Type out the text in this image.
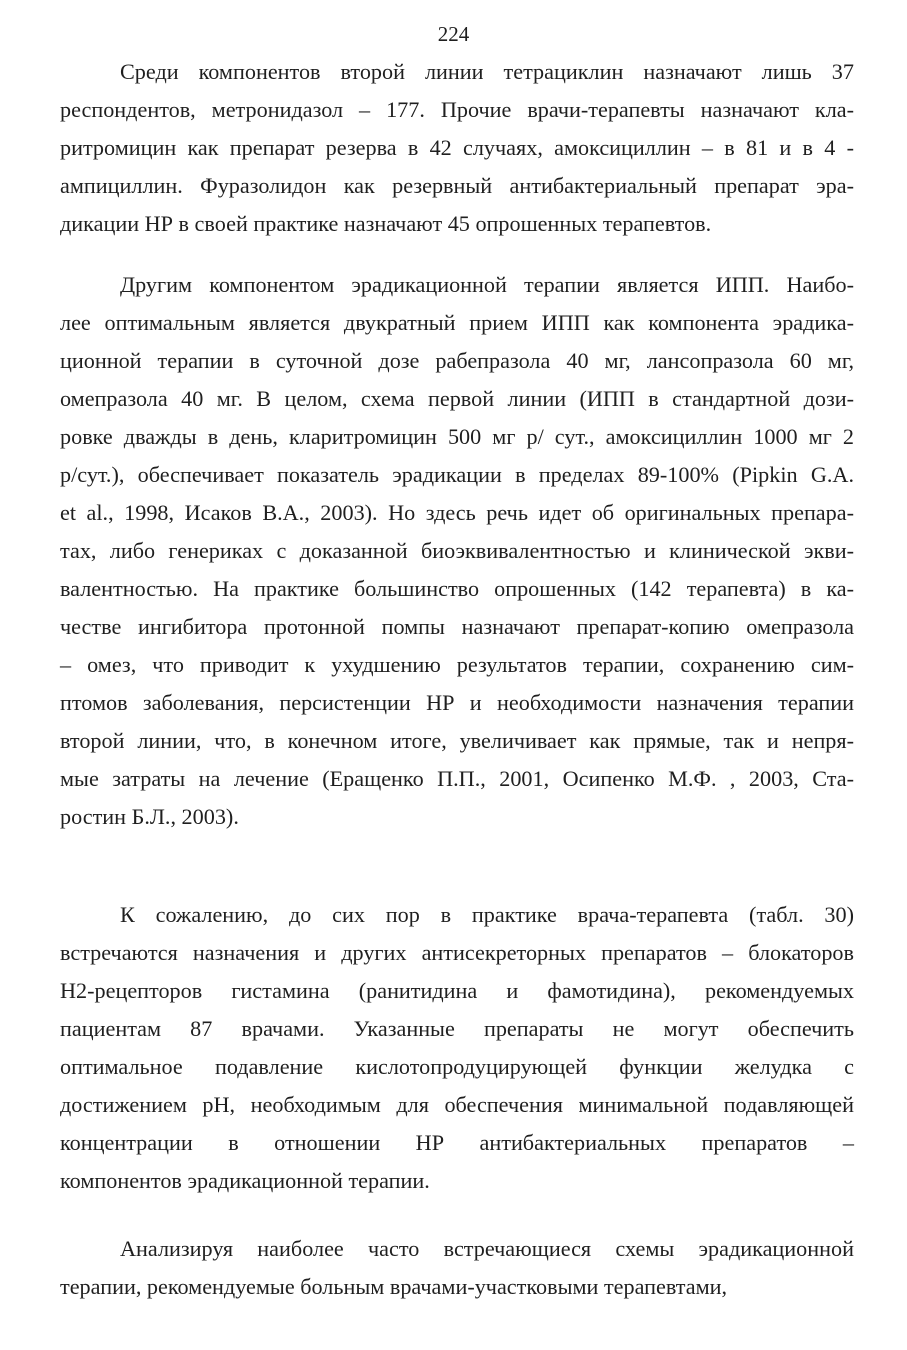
224
Среди компонентов второй линии тетрациклин назначают лишь 37
респондентов, метронидазол – 177. Прочие врачи-терапевты назначают кла-
ритромицин как препарат резерва в 42 случаях, амоксициллин – в 81 и в 4 -
ампициллин. Фуразолидон как резервный антибактериальный препарат эра-
дикации НР в своей практике назначают 45 опрошенных терапевтов.
Другим компонентом эрадикационной терапии является ИПП. Наибо-
лее оптимальным является двукратный прием ИПП как компонента эрадика-
ционной терапии в суточной дозе рабепразола 40 мг, лансопразола 60 мг,
омепразола 40 мг. В целом, схема первой линии (ИПП в стандартной дози-
ровке дважды в день, кларитромицин 500 мг р/ сут., амоксициллин 1000 мг 2
р/сут.), обеспечивает показатель эрадикации в пределах 89-100% (Pipkin G.A.
et al., 1998, Исаков В.А., 2003). Но здесь речь идет об оригинальных препара-
тах, либо генериках с доказанной биоэквивалентностью и клинической экви-
валентностью. На практике большинство опрошенных (142 терапевта) в ка-
честве ингибитора протонной помпы назначают препарат-копию омепразола
– омез, что приводит к ухудшению результатов терапии, сохранению сим-
птомов заболевания, персистенции НР и необходимости назначения терапии
второй линии, что, в конечном итоге, увеличивает как прямые, так и непря-
мые затраты на лечение (Еращенко П.П., 2001, Осипенко М.Ф. , 2003, Ста-
ростин Б.Л., 2003).
К сожалению, до сих пор в практике врача-терапевта (табл. 30)
встречаются назначения и других антисекреторных препаратов – блокаторов
Н2-рецепторов гистамина (ранитидина и фамотидина), рекомендуемых
пациентам 87 врачами. Указанные препараты не могут обеспечить
оптимальное подавление кислотопродуцирующей функции желудка с
достижением рН, необходимым для обеспечения минимальной подавляющей
концентрации в отношении НР антибактериальных препаратов –
компонентов эрадикационной терапии.
Анализируя наиболее часто встречающиеся схемы эрадикационной
терапии, рекомендуемые больным врачами-участковыми терапевтами,
